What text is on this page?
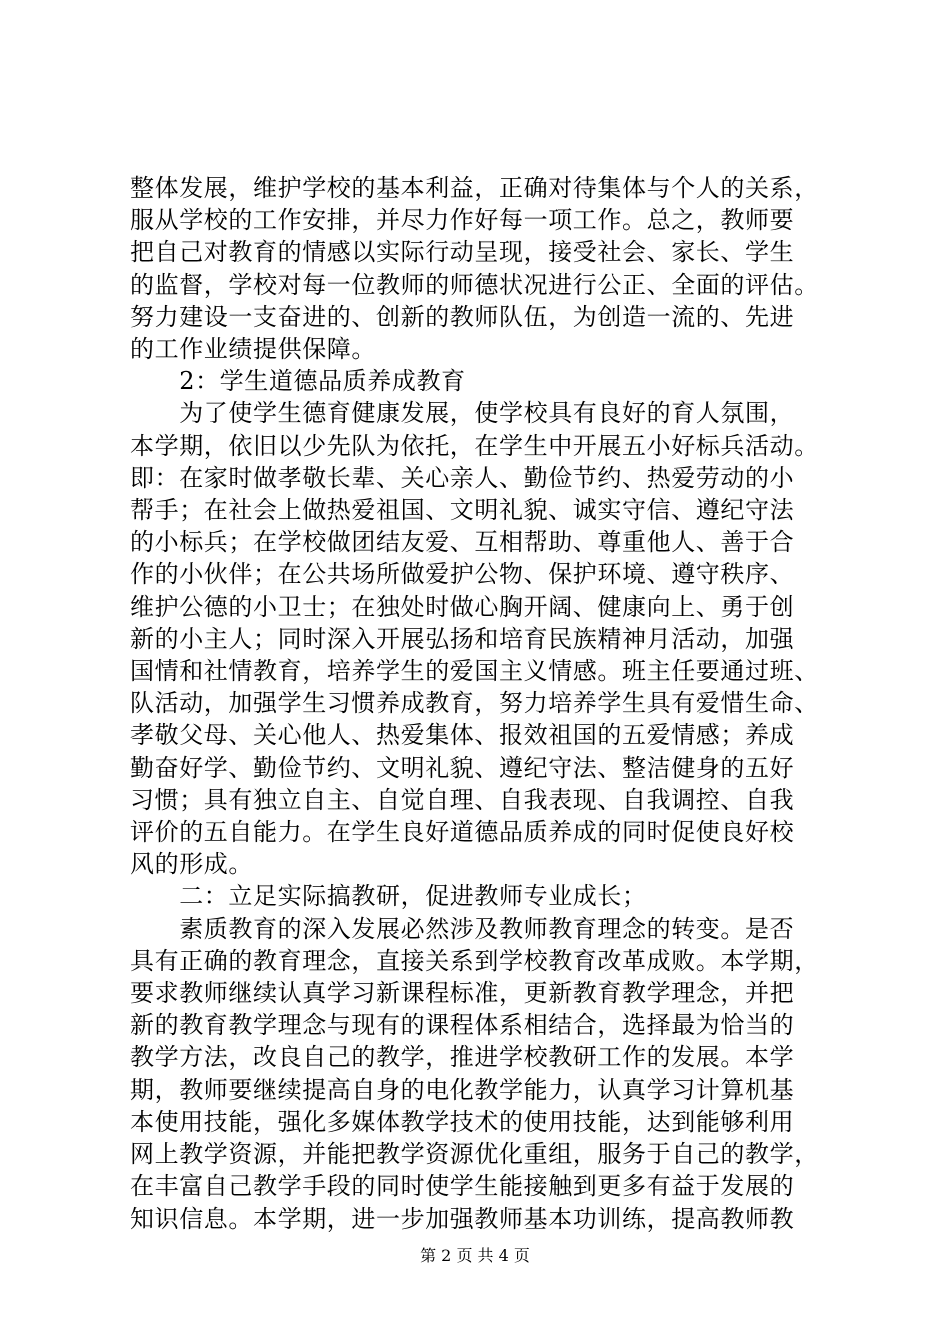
整体发展，维护学校的基本利益，正确对待集体与个人的关系，
服从学校的工作安排，并尽力作好每一项工作。总之，教师要
把自己对教育的情感以实际行动呈现，接受社会、家长、学生
的监督，学校对每一位教师的师德状况进行公正、全面的评估。
努力建设一支奋进的、创新的教师队伍，为创造一流的、先进
的工作业绩提供保障。
　　2：学生道德品质养成教育
　　为了使学生德育健康发展，使学校具有良好的育人氛围，
本学期，依旧以少先队为依托，在学生中开展五小好标兵活动。
即：在家时做孝敬长辈、关心亲人、勤俭节约、热爱劳动的小
帮手；在社会上做热爱祖国、文明礼貌、诚实守信、遵纪守法
的小标兵；在学校做团结友爱、互相帮助、尊重他人、善于合
作的小伙伴；在公共场所做爱护公物、保护环境、遵守秩序、
维护公德的小卫士；在独处时做心胸开阔、健康向上、勇于创
新的小主人；同时深入开展弘扬和培育民族精神月活动，加强
国情和社情教育，培养学生的爱国主义情感。班主任要通过班、
队活动，加强学生习惯养成教育，努力培养学生具有爱惜生命、
孝敬父母、关心他人、热爱集体、报效祖国的五爱情感；养成
勤奋好学、勤俭节约、文明礼貌、遵纪守法、整洁健身的五好
习惯；具有独立自主、自觉自理、自我表现、自我调控、自我
评价的五自能力。在学生良好道德品质养成的同时促使良好校
风的形成。
　　二：立足实际搞教研，促进教师专业成长；
　　素质教育的深入发展必然涉及教师教育理念的转变。是否
具有正确的教育理念，直接关系到学校教育改革成败。本学期，
要求教师继续认真学习新课程标准，更新教育教学理念，并把
新的教育教学理念与现有的课程体系相结合，选择最为恰当的
教学方法，改良自己的教学，推进学校教研工作的发展。本学
期，教师要继续提高自身的电化教学能力，认真学习计算机基
本使用技能，强化多媒体教学技术的使用技能，达到能够利用
网上教学资源，并能把教学资源优化重组，服务于自己的教学，
在丰富自己教学手段的同时使学生能接触到更多有益于发展的
知识信息。本学期，进一步加强教师基本功训练，提高教师教
第 2 页 共 4 页
